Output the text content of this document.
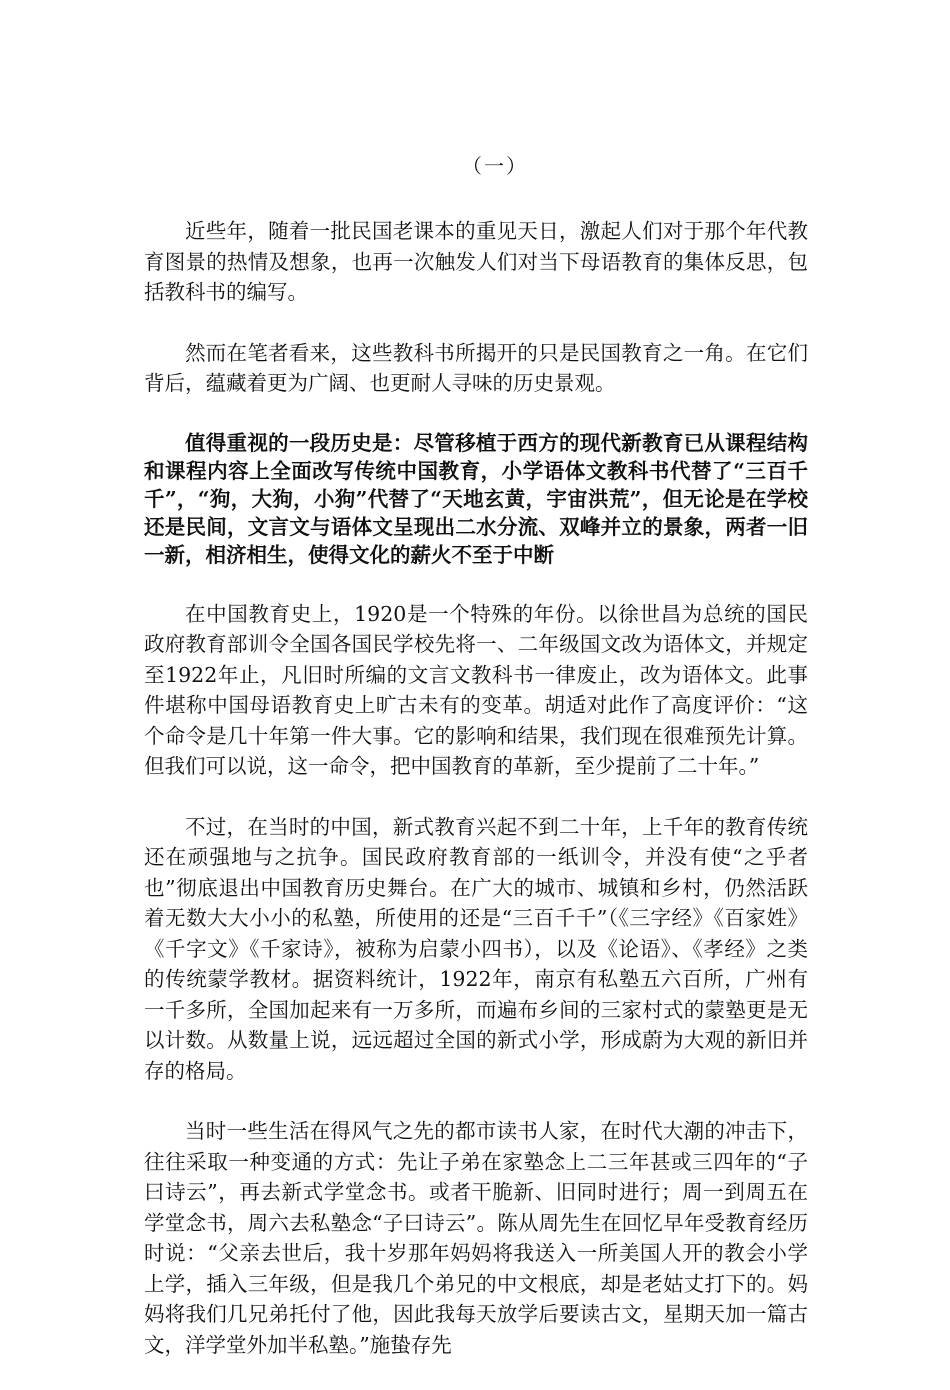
（一）

近些年，随着一批民国老课本的重见天日，激起人们对于那个年代教育图景的热情及想象，也再一次触发人们对当下母语教育的集体反思，包括教科书的编写。

然而在笔者看来，这些教科书所揭开的只是民国教育之一角。在它们背后，蕴藏着更为广阔、也更耐人寻味的历史景观。

值得重视的一段历史是：尽管移植于西方的现代新教育已从课程结构和课程内容上全面改写传统中国教育，小学语体文教科书代替了“三百千千”，“狗，大狗，小狗”代替了“天地玄黄，宇宙洪荒”，但无论是在学校还是民间，文言文与语体文呈现出二水分流、双峰并立的景象，两者一旧一新，相济相生，使得文化的薪火不至于中断

在中国教育史上，1920是一个特殊的年份。以徐世昌为总统的国民政府教育部训令全国各国民学校先将一、二年级国文改为语体文，并规定至1922年止，凡旧时所编的文言文教科书一律废止，改为语体文。此事件堪称中国母语教育史上旷古未有的变革。胡适对此作了高度评价：“这个命令是几十年第一件大事。它的影响和结果，我们现在很难预先计算。但我们可以说，这一命令，把中国教育的革新，至少提前了二十年。”

不过，在当时的中国，新式教育兴起不到二十年，上千年的教育传统还在顽强地与之抗争。国民政府教育部的一纸训令，并没有使“之乎者也”彻底退出中国教育历史舞台。在广大的城市、城镇和乡村，仍然活跃着无数大大小小的私塾，所使用的还是“三百千千”（《三字经》《百家姓》《千字文》《千家诗》，被称为启蒙小四书），以及《论语》、《孝经》之类的传统蒙学教材。据资料统计，1922年，南京有私塾五六百所，广州有一千多所，全国加起来有一万多所，而遍布乡间的三家村式的蒙塾更是无以计数。从数量上说，远远超过全国的新式小学，形成蔚为大观的新旧并存的格局。

当时一些生活在得风气之先的都市读书人家，在时代大潮的冲击下，往往采取一种变通的方式：先让子弟在家塾念上二三年甚或三四年的“子曰诗云”，再去新式学堂念书。或者干脆新、旧同时进行；周一到周五在学堂念书，周六去私塾念“子曰诗云”。陈从周先生在回忆早年受教育经历时说：“父亲去世后，我十岁那年妈妈将我送入一所美国人开的教会小学上学，插入三年级，但是我几个弟兄的中文根底，却是老姑丈打下的。妈妈将我们几兄弟托付了他，因此我每天放学后要读古文，星期天加一篇古文，洋学堂外加半私塾。”施蛰存先
